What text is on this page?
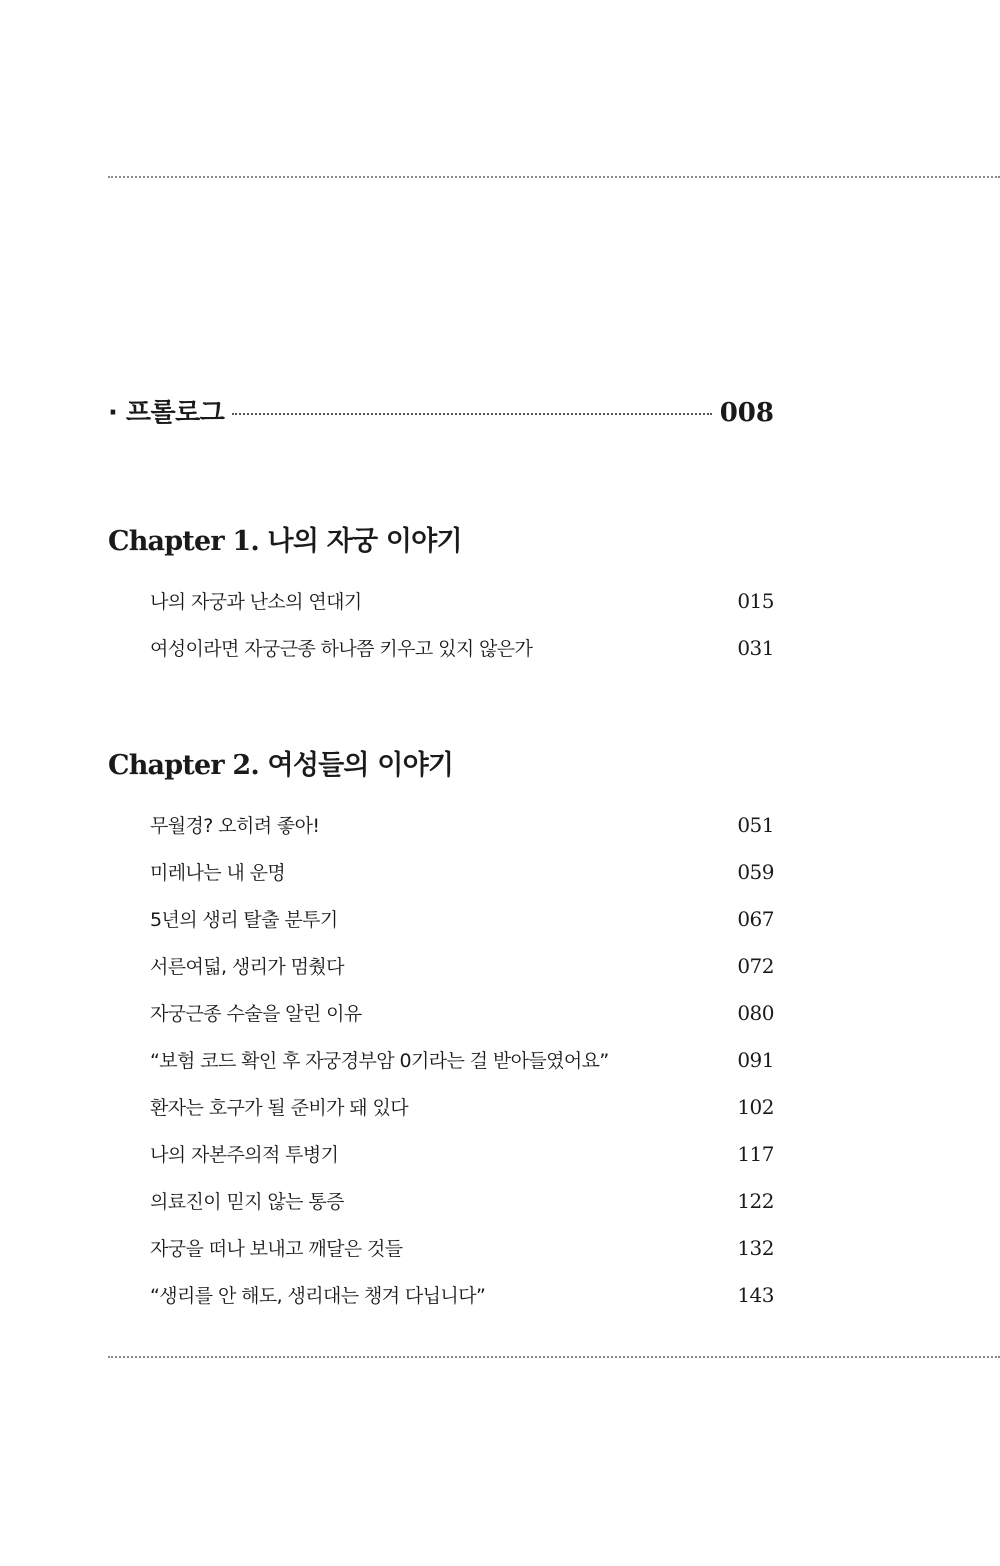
· 프롤로그	008
Chapter 1. 나의 자궁 이야기
나의 자궁과 난소의 연대기	015
여성이라면 자궁근종 하나쯤 키우고 있지 않은가	031
Chapter 2. 여성들의 이야기
무월경? 오히려 좋아!	051
미레나는 내 운명	059
5년의 생리 탈출 분투기	067
서른여덟, 생리가 멈췄다	072
자궁근종 수술을 알린 이유	080
“보험 코드 확인 후 자궁경부암 0기라는 걸 받아들였어요”	091
환자는 호구가 될 준비가 돼 있다	102
나의 자본주의적 투병기	117
의료진이 믿지 않는 통증	122
자궁을 떠나 보내고 깨달은 것들	132
“생리를 안 해도, 생리대는 챙겨 다닙니다”	143
